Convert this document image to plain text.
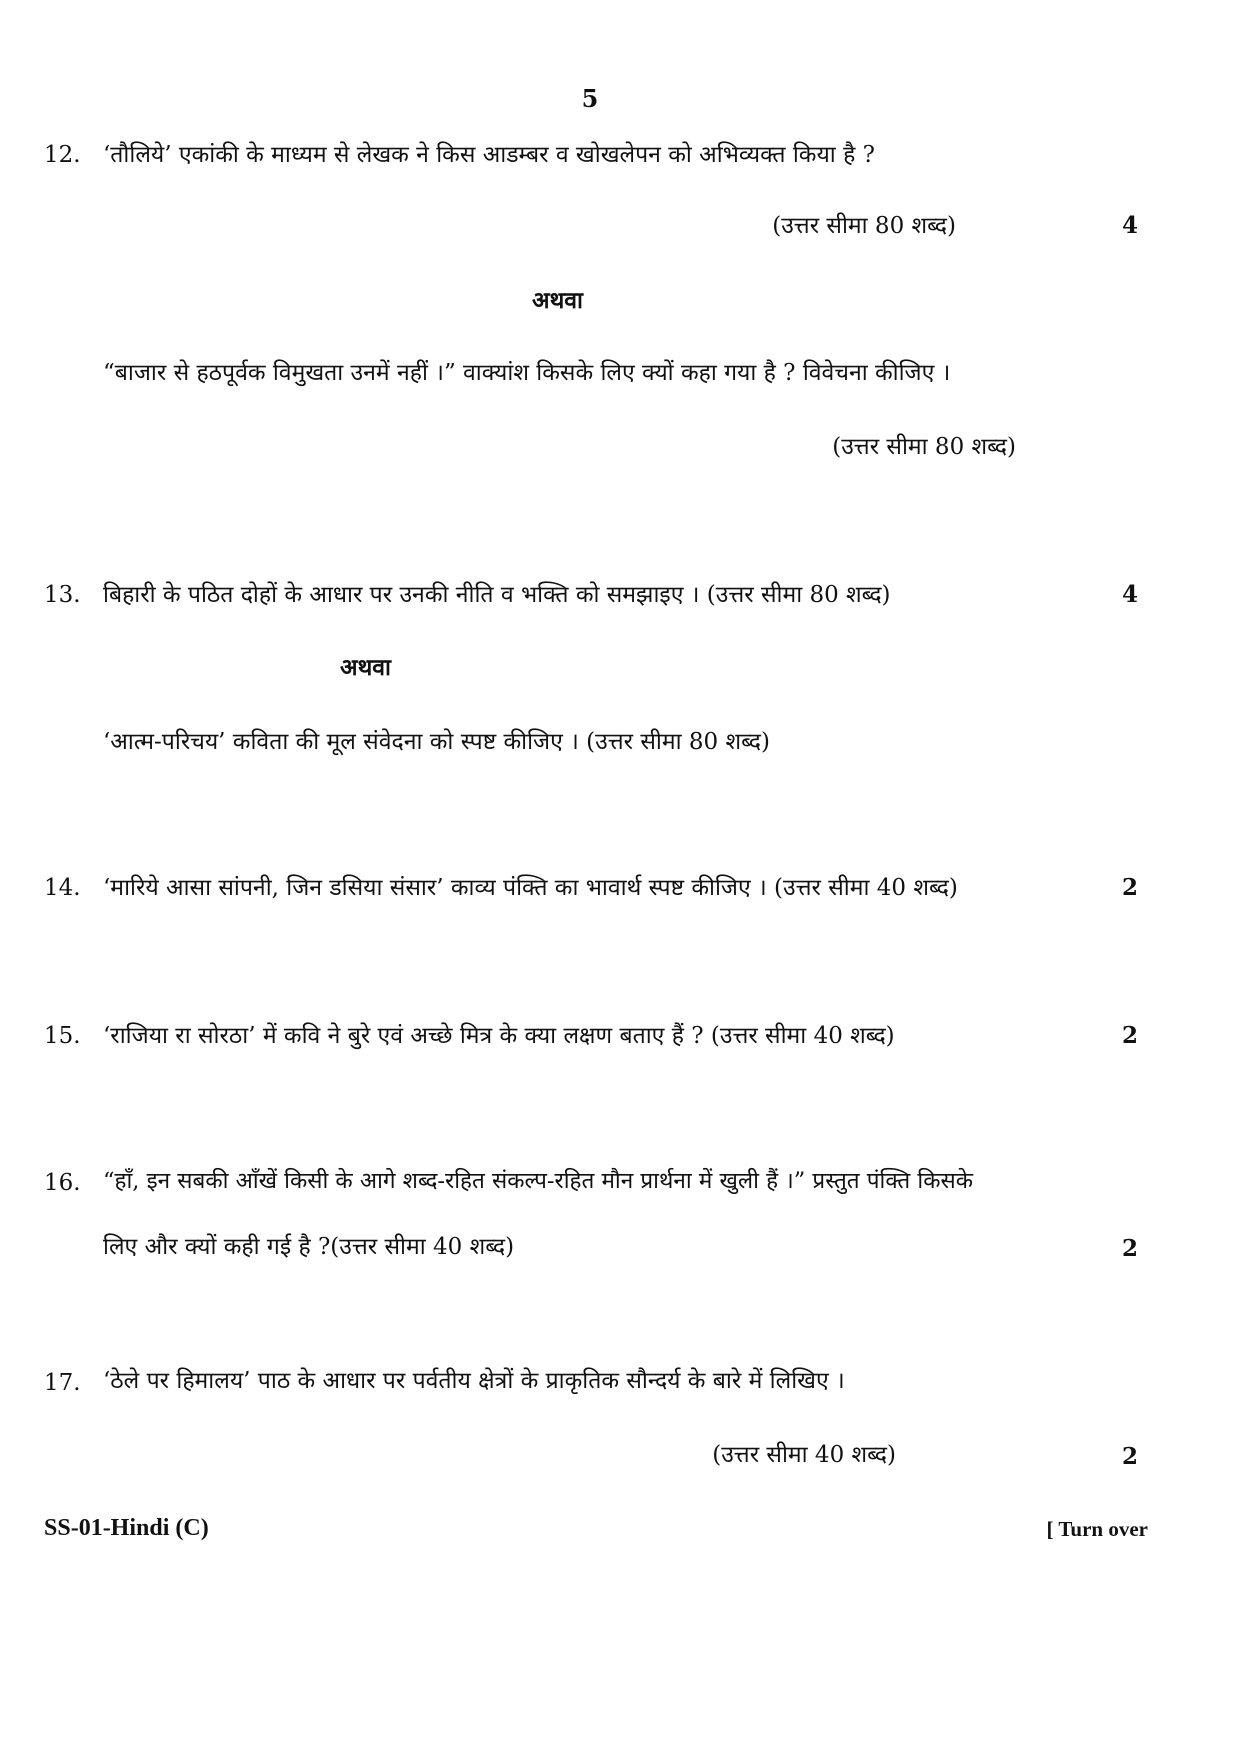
5
12. ‘तौलिये’ एकांकी के माध्यम से लेखक ने किस आडम्बर व खोखलेपन को अभिव्यक्त किया है ?
(उत्तर सीमा 80 शब्द)	4
अथवा
“बाजार से हठपूर्वक विमुखता उनमें नहीं ।” वाक्यांश किसके लिए क्यों कहा गया है ? विवेचना कीजिए ।
(उत्तर सीमा 80 शब्द)
13. बिहारी के पठित दोहों के आधार पर उनकी नीति व भक्ति को समझाइए । (उत्तर सीमा 80 शब्द)	4
अथवा
‘आत्म-परिचय’ कविता की मूल संवेदना को स्पष्ट कीजिए । (उत्तर सीमा 80 शब्द)
14. ‘मारिये आसा सांपनी, जिन डसिया संसार’ काव्य पंक्ति का भावार्थ स्पष्ट कीजिए । (उत्तर सीमा 40 शब्द)	2
15. ‘राजिया रा सोरठा’ में कवि ने बुरे एवं अच्छे मित्र के क्या लक्षण बताए हैं ? (उत्तर सीमा 40 शब्द)	2
16. “हाँ, इन सबकी आँखें किसी के आगे शब्द-रहित संकल्प-रहित मौन प्रार्थना में खुली हैं ।” प्रस्तुत पंक्ति किसके
लिए और क्यों कही गई है ?(उत्तर सीमा 40 शब्द)	2
17. ‘ठेले पर हिमालय’ पाठ के आधार पर पर्वतीय क्षेत्रों के प्राकृतिक सौन्दर्य के बारे में लिखिए ।
(उत्तर सीमा 40 शब्द)	2
SS-01-Hindi (C)	[ Turn over
